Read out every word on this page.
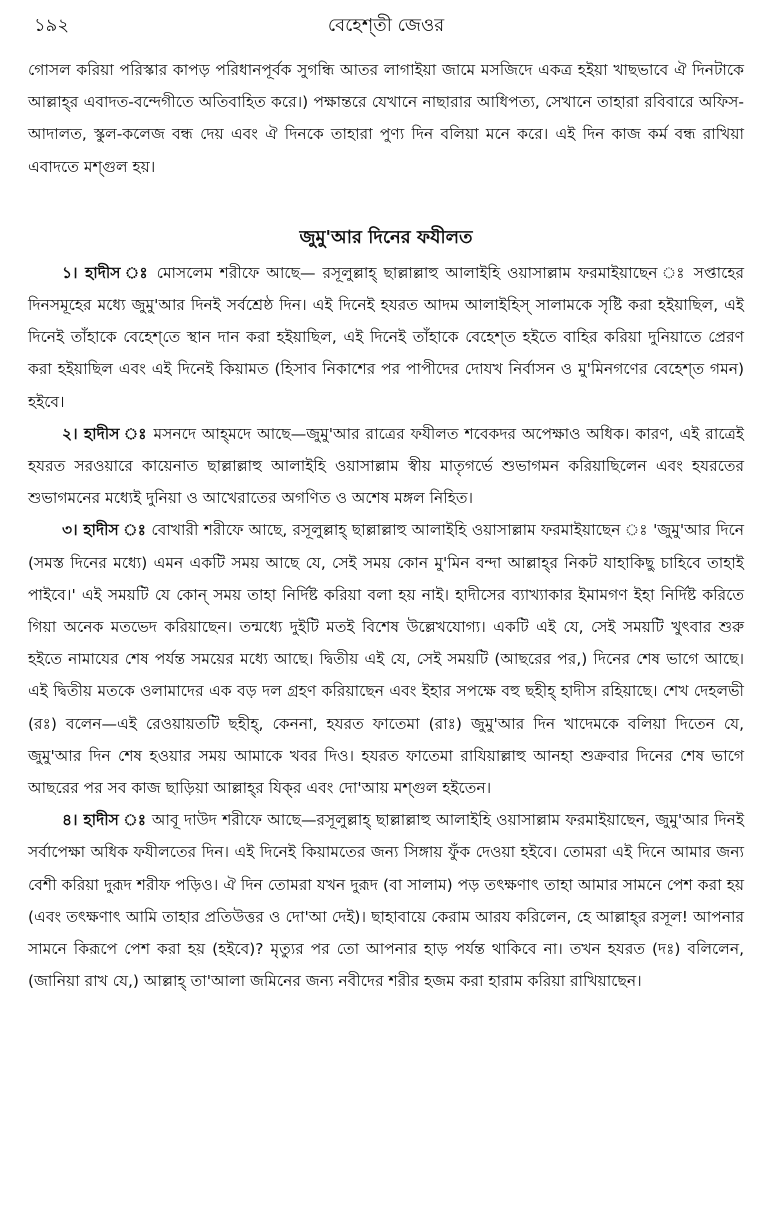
১৯২	বেহেশ্‌তী জেওর

গোসল করিয়া পরিস্কার কাপড় পরিধানপূর্বক সুগন্ধি আতর লাগাইয়া জামে মসজিদে একত্র হইয়া খাছভাবে ঐ দিনটাকে আল্লাহ্‌র এবাদত-বন্দেগীতে অতিবাহিত করে।) পক্ষান্তরে যেখানে নাছারার আধিপত্য, সেখানে তাহারা রবিবারে অফিস-আদালত, স্কুল-কলেজ বন্ধ দেয় এবং ঐ দিনকে তাহারা পুণ্য দিন বলিয়া মনে করে। এই দিন কাজ কর্ম বন্ধ রাখিয়া এবাদতে মশ্‌গুল হয়।

জুমু'আর দিনের ফযীলত

১। হাদীস ঃ মোসলেম শরীফে আছে— রসূলুল্লাহ্‌ ছাল্লাল্লাহু আলাইহি ওয়াসাল্লাম ফরমাইয়াছেন ঃ সপ্তাহের দিনসমূহের মধ্যে জুমু'আর দিনই সর্বশ্রেষ্ঠ দিন। এই দিনেই হযরত আদম আলাইহিস্‌ সালামকে সৃষ্টি করা হইয়াছিল, এই দিনেই তাঁহাকে বেহেশ্‌তে স্থান দান করা হইয়াছিল, এই দিনেই তাঁহাকে বেহেশ্‌ত হইতে বাহির করিয়া দুনিয়াতে প্রেরণ করা হইয়াছিল এবং এই দিনেই কিয়ামত (হিসাব নিকাশের পর পাপীদের দোযখ নির্বাসন ও মু'মিনগণের বেহেশ্‌ত গমন) হইবে।

২। হাদীস ঃ মসনদে আহ্‌মদে আছে—জুমু'আর রাত্রের ফযীলত শবেকদর অপেক্ষাও অধিক। কারণ, এই রাত্রেই হযরত সরওয়ারে কায়েনাত ছাল্লাল্লাহু আলাইহি ওয়াসাল্লাম স্বীয় মাতৃগর্ভে শুভাগমন করিয়াছিলেন এবং হযরতের শুভাগমনের মধ্যেই দুনিয়া ও আখেরাতের অগণিত ও অশেষ মঙ্গল নিহিত।

৩। হাদীস ঃ বোখারী শরীফে আছে, রসূলুল্লাহ্‌ ছাল্লাল্লাহু আলাইহি ওয়াসাল্লাম ফরমাইয়াছেন ঃ 'জুমু'আর দিনে (সমস্ত দিনের মধ্যে) এমন একটি সময় আছে যে, সেই সময় কোন মু'মিন বন্দা আল্লাহ্‌র নিকট যাহাকিছু চাহিবে তাহাই পাইবে।' এই সময়টি যে কোন্‌ সময় তাহা নির্দিষ্ট করিয়া বলা হয় নাই। হাদীসের ব্যাখ্যাকার ইমামগণ ইহা নির্দিষ্ট করিতে গিয়া অনেক মতভেদ করিয়াছেন। তন্মধ্যে দুইটি মতই বিশেষ উল্লেখযোগ্য। একটি এই যে, সেই সময়টি খুৎবার শুরু হইতে নামাযের শেষ পর্যন্ত সময়ের মধ্যে আছে। দ্বিতীয় এই যে, সেই সময়টি (আছরের পর,) দিনের শেষ ভাগে আছে। এই দ্বিতীয় মতকে ওলামাদের এক বড় দল গ্রহণ করিয়াছেন এবং ইহার সপক্ষে বহু ছহীহ্‌ হাদীস রহিয়াছে। শেখ দেহলভী (রঃ) বলেন—এই রেওয়ায়তটি ছহীহ্‌, কেননা, হযরত ফাতেমা (রাঃ) জুমু'আর দিন খাদেমকে বলিয়া দিতেন যে, জুমু'আর দিন শেষ হওয়ার সময় আমাকে খবর দিও। হযরত ফাতেমা রাযিয়াল্লাহু আনহা শুক্রবার দিনের শেষ ভাগে আছরের পর সব কাজ ছাড়িয়া আল্লাহ্‌র যিক্‌র এবং দো'আয় মশ্‌গুল হইতেন।

৪। হাদীস ঃ আবূ দাউদ শরীফে আছে—রসূলুল্লাহ্‌ ছাল্লাল্লাহু আলাইহি ওয়াসাল্লাম ফরমাইয়াছেন, জুমু'আর দিনই সর্বাপেক্ষা অধিক ফযীলতের দিন। এই দিনেই কিয়ামতের জন্য সিঙ্গায় ফুঁক দেওয়া হইবে। তোমরা এই দিনে আমার জন্য বেশী করিয়া দুরূদ শরীফ পড়িও। ঐ দিন তোমরা যখন দুরূদ (বা সালাম) পড় তৎক্ষণাৎ তাহা আমার সামনে পেশ করা হয় (এবং তৎক্ষণাৎ আমি তাহার প্রতিউত্তর ও দো'আ দেই)। ছাহাবায়ে কেরাম আরয করিলেন, হে আল্লাহ্‌র রসূল! আপনার সামনে কিরূপে পেশ করা হয় (হইবে)? মৃত্যুর পর তো আপনার হাড় পর্যন্ত থাকিবে না। তখন হযরত (দঃ) বলিলেন, (জানিয়া রাখ যে,) আল্লাহ্‌ তা'আলা জমিনের জন্য নবীদের শরীর হজম করা হারাম করিয়া রাখিয়াছেন।
